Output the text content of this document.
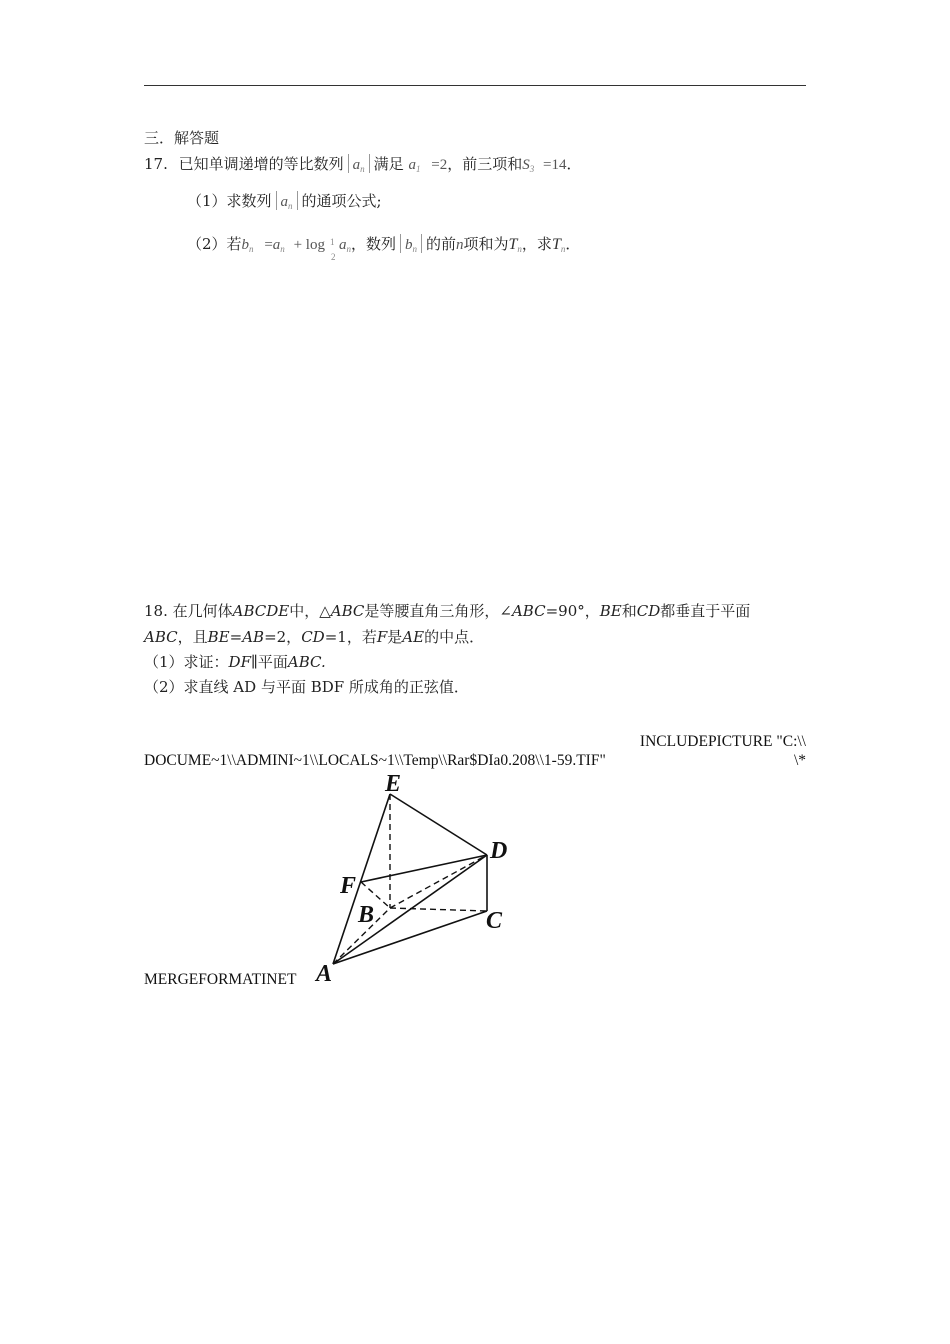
三．解答题
17. 已知单调递增的等比数列 $a_n$ 满足 $a_1 =2$，前三项和$S_3 =14$．
（1）求数列 $a_n$ 的通项公式;
（2）若$b_n =a_n + \log a_n$，数列 $b_n$ 的前n项和为$T_n$，求$T_n$．
1
2
18. 在几何体ABCDE中，△ABC是等腰直角三角形，∠ABC=90°，BE和CD都垂直于平面
ABC，且BE=AB=2，CD=1，若F是AE的中点．
（1）求证：DF∥平面ABC.
（2）求直线 AD 与平面 BDF 所成角的正弦值．
INCLUDEPICTURE "C:\\
DOCUME~1\\ADMINI~1\\LOCALS~1\\Temp\\Rar$DIa0.208\\1-59.TIF"	\*
MERGEFORMATINET
E
D
F
B	C
A
